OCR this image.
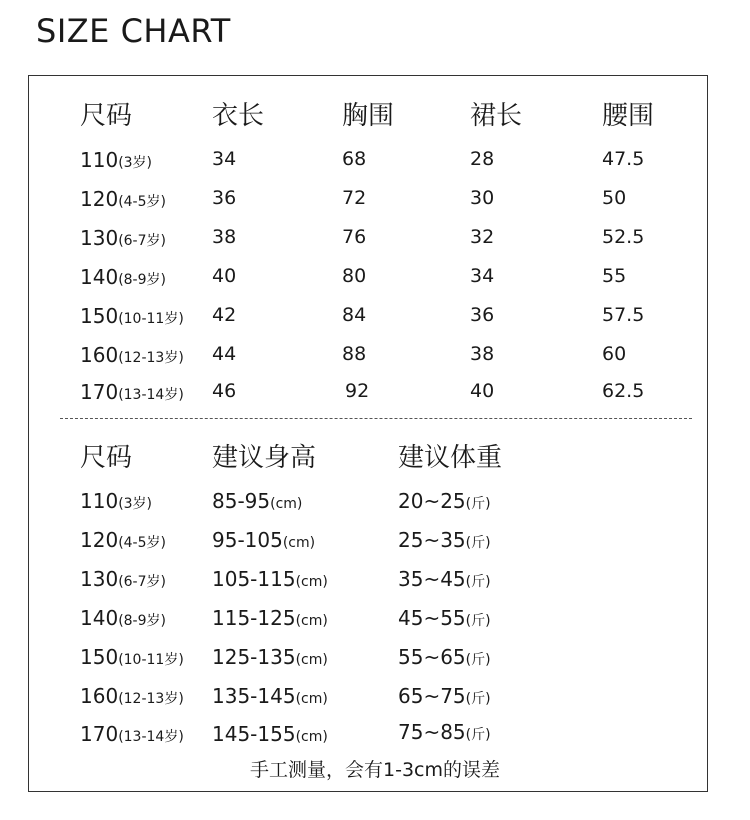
SIZE CHART
尺码	衣长	胸围	裙长	腰围
110(3岁)	34	68	28	47.5
120(4-5岁) 36	72	30	50
130(6-7岁) 38	76	32	52.5
140(8-9岁) 40	80	34	55
150(10-11岁) 42	84	36	57.5
160(12-13岁) 44	88	38	60
170(13-14岁) 46	92	40	62.5
尺码	建议身高	建议体重
110(3岁)	85-95(cm)	20~25(斤)
120(4-5岁) 95-105(cm)	25~35(斤)
130(6-7岁) 105-115(cm)	35~45(斤)
140(8-9岁) 115-125(cm)	45~55(斤)
150(10-11岁) 125-135(cm)	55~65(斤)
160(12-13岁) 135-145(cm)	65~75(斤)
170(13-14岁) 145-155(cm)	75~85(斤)
手工测量，会有1-3cm的误差
